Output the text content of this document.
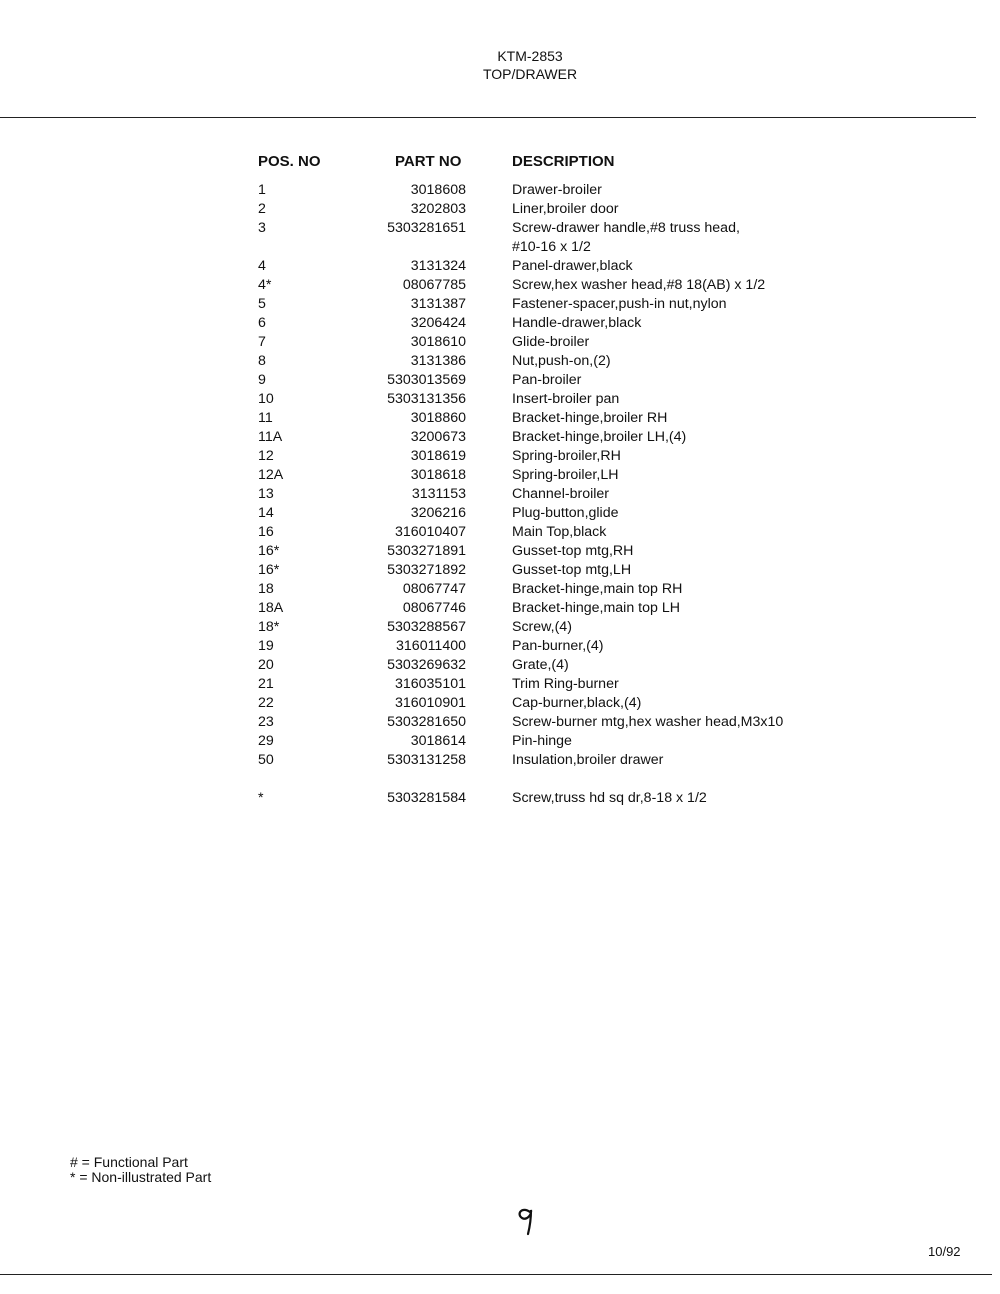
KTM-2853
TOP/DRAWER
POS. NO	PART NO	DESCRIPTION
1	3018608	Drawer-broiler
2	3202803	Liner,broiler door
3	5303281651	Screw-drawer handle,#8 truss head,
#10-16 x 1/2
4	3131324	Panel-drawer,black
4*	08067785	Screw,hex washer head,#8 18(AB) x 1/2
5	3131387	Fastener-spacer,push-in nut,nylon
6	3206424	Handle-drawer,black
7	3018610	Glide-broiler
8	3131386	Nut,push-on,(2)
9	5303013569	Pan-broiler
10	5303131356	Insert-broiler pan
11	3018860	Bracket-hinge,broiler RH
11A	3200673	Bracket-hinge,broiler LH,(4)
12	3018619	Spring-broiler,RH
12A	3018618	Spring-broiler,LH
13	3131153	Channel-broiler
14	3206216	Plug-button,glide
16	316010407	Main Top,black
16*	5303271891	Gusset-top mtg,RH
16*	5303271892	Gusset-top mtg,LH
18	08067747	Bracket-hinge,main top RH
18A	08067746	Bracket-hinge,main top LH
18*	5303288567	Screw,(4)
19	316011400	Pan-burner,(4)
20	5303269632	Grate,(4)
21	316035101	Trim Ring-burner
22	316010901	Cap-burner,black,(4)
23	5303281650	Screw-burner mtg,hex washer head,M3x10
29	3018614	Pin-hinge
50	5303131258	Insulation,broiler drawer
*	5303281584	Screw,truss hd sq dr,8-18 x 1/2
# = Functional Part
* = Non-illustrated Part
10/92
